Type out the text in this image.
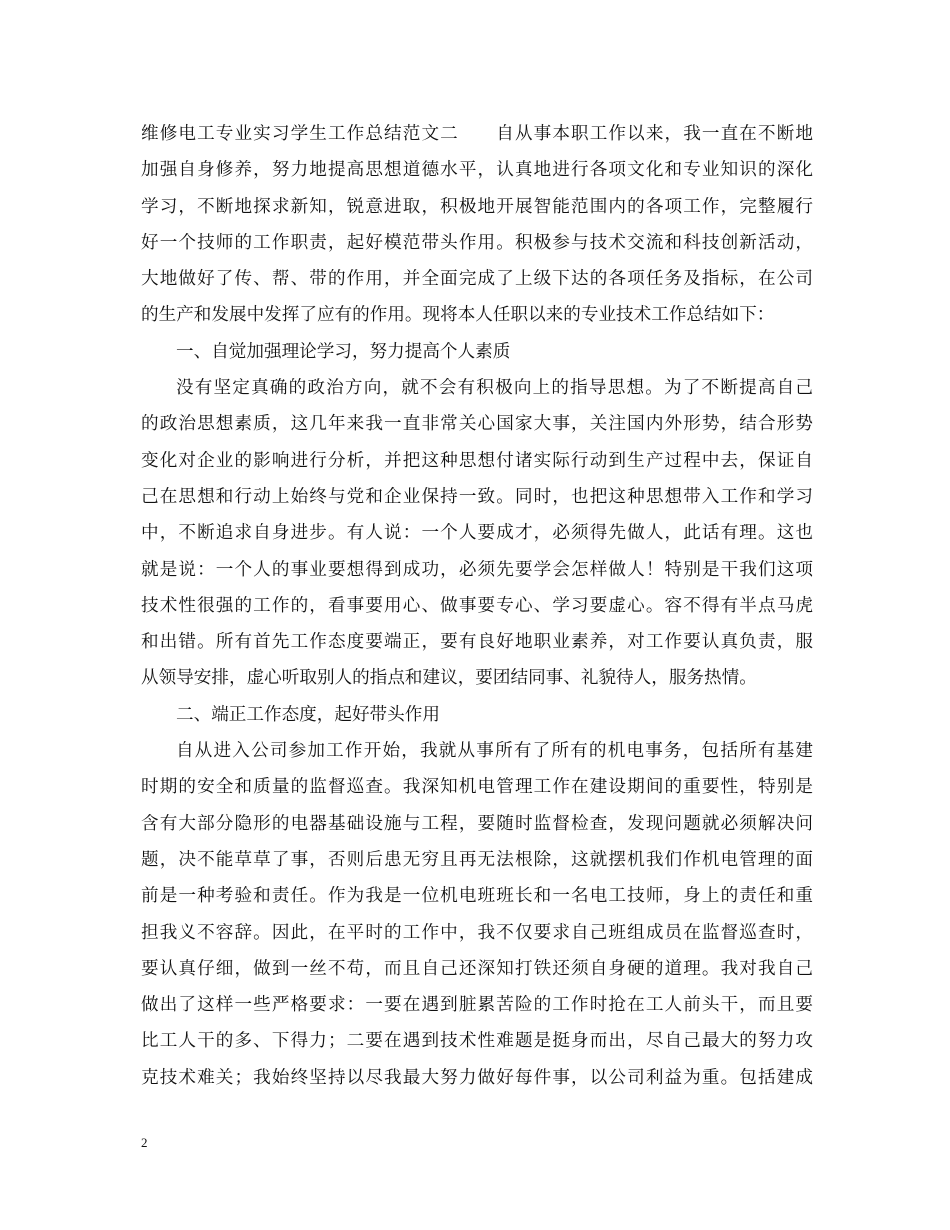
维修电工专业实习学生工作总结范文二　　自从事本职工作以来，我一直在不断地
加强自身修养，努力地提高思想道德水平，认真地进行各项文化和专业知识的深化
学习，不断地探求新知，锐意进取，积极地开展智能范围内的各项工作，完整履行
好一个技师的工作职责，起好模范带头作用。积极参与技术交流和科技创新活动，
大地做好了传、帮、带的作用，并全面完成了上级下达的各项任务及指标，在公司
的生产和发展中发挥了应有的作用。现将本人任职以来的专业技术工作总结如下：
一、自觉加强理论学习，努力提高个人素质
没有坚定真确的政治方向，就不会有积极向上的指导思想。为了不断提高自己
的政治思想素质，这几年来我一直非常关心国家大事，关注国内外形势，结合形势
变化对企业的影响进行分析，并把这种思想付诸实际行动到生产过程中去，保证自
己在思想和行动上始终与党和企业保持一致。同时，也把这种思想带入工作和学习
中，不断追求自身进步。有人说：一个人要成才，必须得先做人，此话有理。这也
就是说：一个人的事业要想得到成功，必须先要学会怎样做人！特别是干我们这项
技术性很强的工作的，看事要用心、做事要专心、学习要虚心。容不得有半点马虎
和出错。所有首先工作态度要端正，要有良好地职业素养，对工作要认真负责，服
从领导安排，虚心听取别人的指点和建议，要团结同事、礼貌待人，服务热情。
二、端正工作态度，起好带头作用
自从进入公司参加工作开始，我就从事所有了所有的机电事务，包括所有基建
时期的安全和质量的监督巡查。我深知机电管理工作在建设期间的重要性，特别是
含有大部分隐形的电器基础设施与工程，要随时监督检查，发现问题就必须解决问
题，决不能草草了事，否则后患无穷且再无法根除，这就摆机我们作机电管理的面
前是一种考验和责任。作为我是一位机电班班长和一名电工技师，身上的责任和重
担我义不容辞。因此，在平时的工作中，我不仅要求自己班组成员在监督巡查时，
要认真仔细，做到一丝不苟，而且自己还深知打铁还须自身硬的道理。我对我自己
做出了这样一些严格要求：一要在遇到脏累苦险的工作时抢在工人前头干，而且要
比工人干的多、下得力；二要在遇到技术性难题是挺身而出，尽自己最大的努力攻
克技术难关；我始终坚持以尽我最大努力做好每件事，以公司利益为重。包括建成
2
